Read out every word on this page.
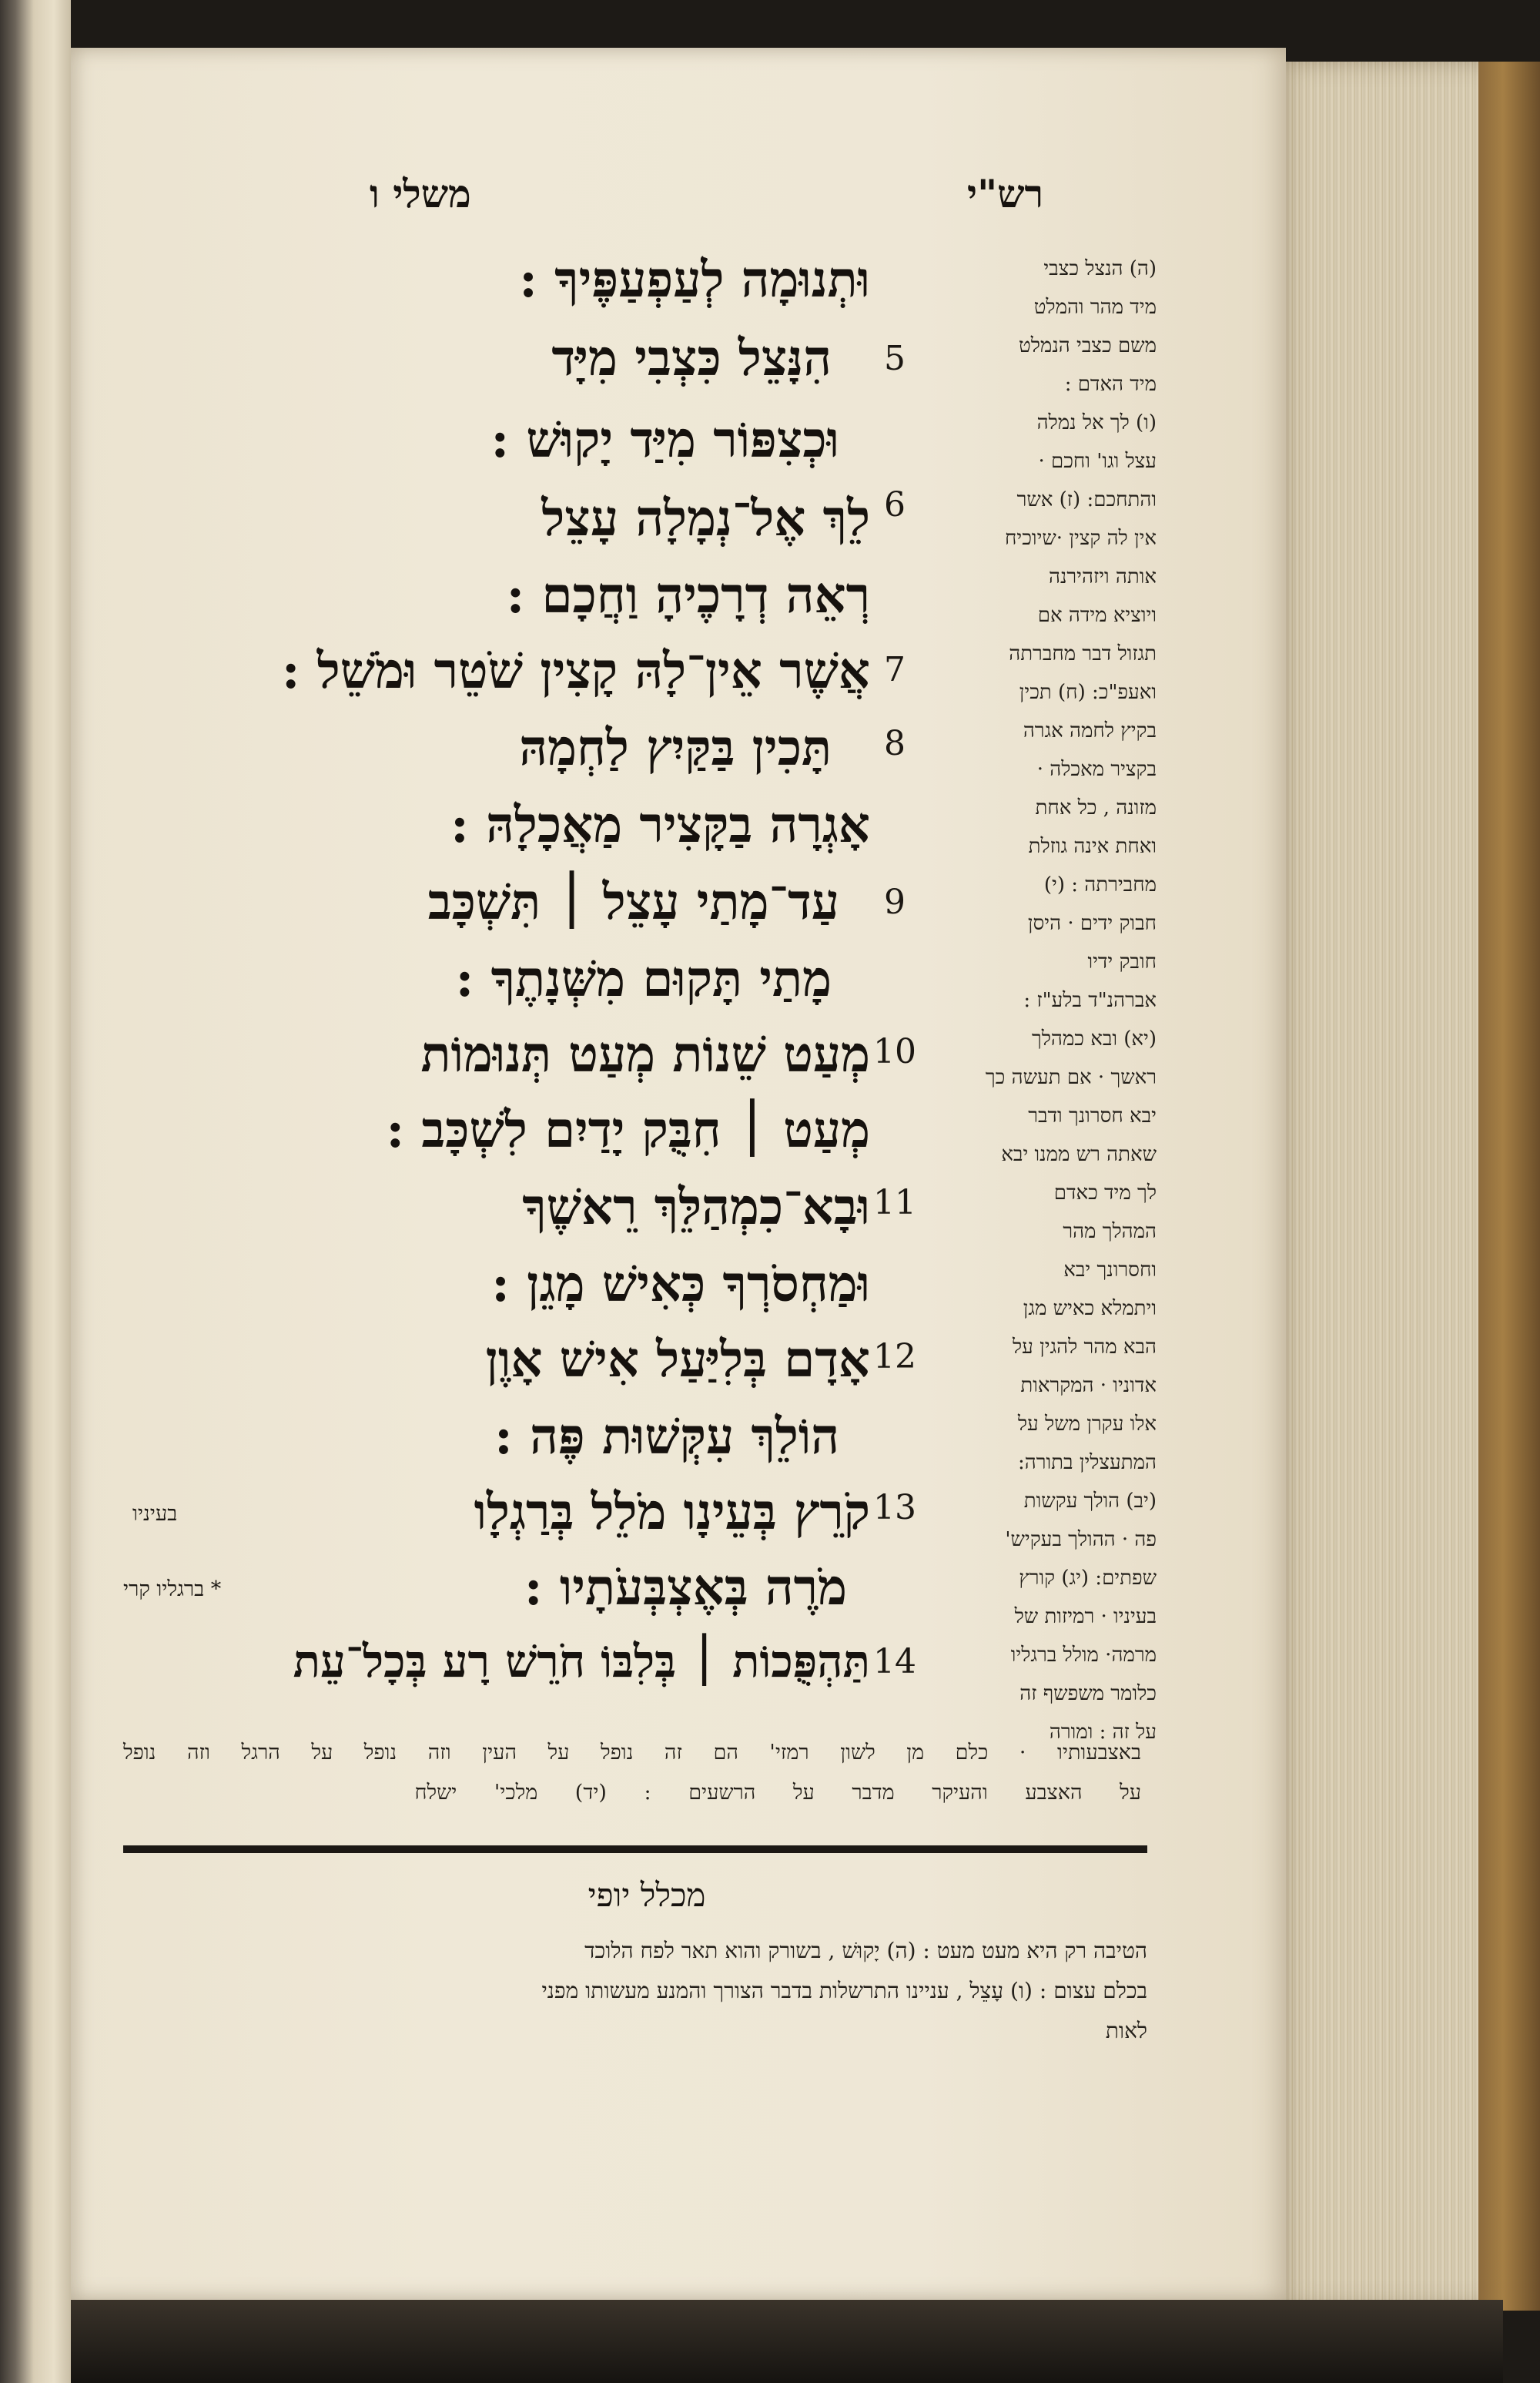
משלי ו	רש"י
וּתְנוּמָה לְעַפְעַפֶּיךָ :
הִנָּצֵל כִּצְבִי מִיָּד
וּכְצִפּוֹר מִיַּד יָקוּשׁ :
לֵךְ אֶל־נְמָלָה עָצֵל
רְאֵה דְרָכֶיהָ וַחֲכָם :
אֲשֶׁר אֵין־לָהּ קָצִין שֹׁטֵר וּמֹשֵׁל :
תָּכִין בַּקַּיִץ לַחְמָהּ
אָגְרָה בַקָּצִיר מַאֲכָלָהּ :
עַד־מָתַי עָצֵל ׀ תִּשְׁכָּב
מָתַי תָּקוּם מִשְּׁנָתֶךָ :
מְעַט שֵׁנוֹת מְעַט תְּנוּמוֹת
מְעַט ׀ חִבֻּק יָדַיִם לִשְׁכָּב :
וּבָא־כִמְהַלֵּךְ רֵאשֶׁךָ
וּמַחְסֹרְךָ כְּאִישׁ מָגֵן :
אָדָם בְּלִיַּעַל אִישׁ אָוֶן
הוֹלֵךְ עִקְּשׁוּת פֶּה :
קֹרֵץ בְּעֵינָו מֹלֵל בְּרַגְלָו
מֹרֶה בְּאֶצְבְּעֹתָיו :
תַּהְפֻּכוֹת ׀ בְּלִבּוֹ חֹרֵשׁ רָע בְּכָל־עֵת
בעיניו
* ברגליו קרי
5
6
7
8
9
10
11
12
13
14
(ה) הנצל כצבי
מיד מהר והמלט
משם כצבי הנמלט
מיד האדם :
(ו) לך אל נמלה
עצל וגו' וחכם ·
והתחכם: (ז) אשר
אין לה קצין ·שיוכיח
אותה ויזהירנה
ויוציא מידה אם
תגזול דבר מחברתה
ואעפ"כ: (ח) תכין
בקיץ לחמה אגרה
בקציר מאכלה ·
מזונה , כל אחת
ואחת אינה גוזלת
מחבירתה : (י)
חבוק ידים · היסן
חובק ידיו
אברהנ"ד בלע"ז :
(יא) ובא כמהלך
ראשך · אם תעשה כך
יבא חסרונך ודבר
שאתה רש ממנו יבא
לך מיד כאדם
המהלך מהר
וחסרונך יבא
ויתמלא כאיש מגן
הבא מהר להגין על
אדוניו · המקראות
אלו עקרן משל על
המתעצלין בתורה:
(יב) הולך עקשות
פה · ההולך בעקיש'
שפתים: (יג) קורץ
בעיניו · רמיזות של
מרמה· מולל ברגליו
כלומר משפשף זה
על זה : ומורה
באצבעותיו · כלם מן לשון רמזי' הם זה נופל על העין וזה נופל על הרגל וזה נופל
על האצבע והעיקר מדבר על הרשעים : (יד) מלכי' ישלח
מכלל יופי
הטיבה רק היא מעט מעט : (ה) יָקוּשׁ , בשורק והוא תאר לפח הלוכד
בכלם עצום : (ו) עָצֵל , עניינו התרשלות בדבר הצורך והמנע מעשותו מפני
לאות
